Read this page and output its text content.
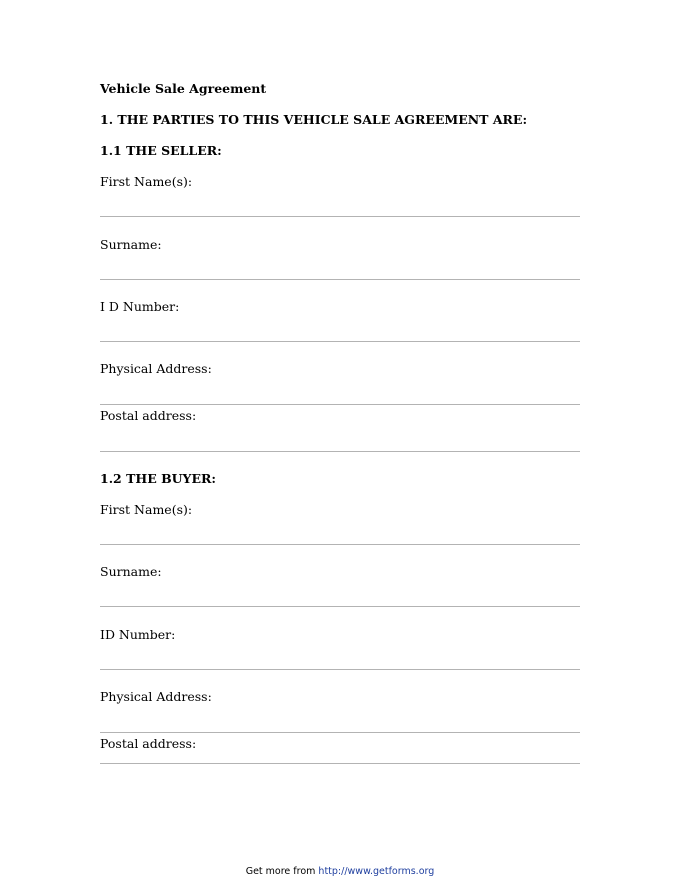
Vehicle Sale Agreement
1. THE PARTIES TO THIS VEHICLE SALE AGREEMENT ARE:
1.1 THE SELLER:
First Name(s):
Surname:
I D Number:
Physical Address:
Postal address:
1.2 THE BUYER:
First Name(s):
Surname:
ID Number:
Physical Address:
Postal address:
Get more from http://www.getforms.org
